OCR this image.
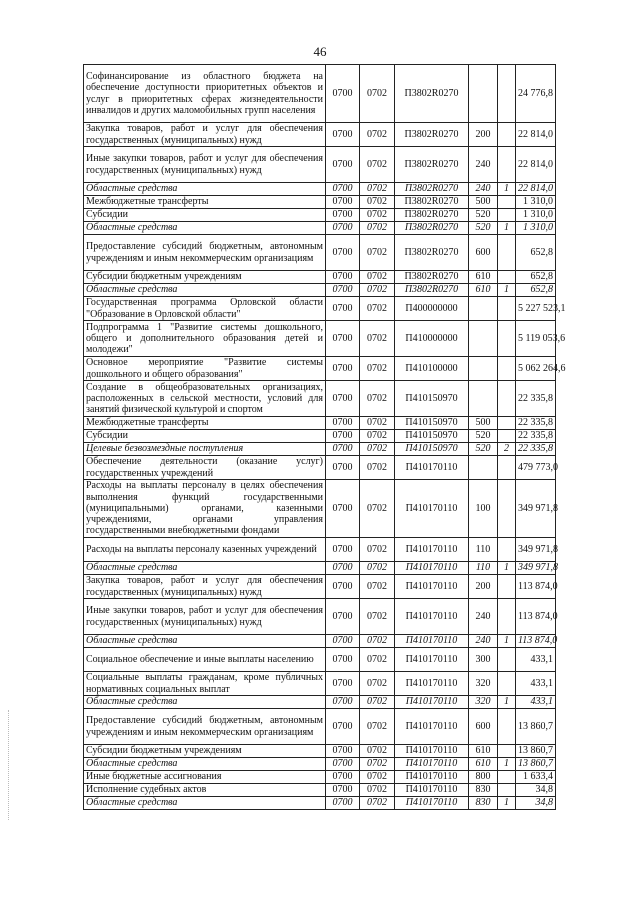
46
Софинансирование из областного бюджета на обеспечение доступности приоритетных объектов и услуг в приоритетных сферах жизнедеятельности инвалидов и других маломобильных групп населения	0700	0702	П3802R0270			24 776,8
Закупка товаров, работ и услуг для обеспечения государственных (муниципальных) нужд	0700	0702	П3802R0270	200		22 814,0
Иные закупки товаров, работ и услуг для обеспечения государственных (муниципальных) нужд	0700	0702	П3802R0270	240		22 814,0
Областные средства	0700	0702	П3802R0270	240	1	22 814,0
Межбюджетные трансферты	0700	0702	П3802R0270	500		1 310,0
Субсидии	0700	0702	П3802R0270	520		1 310,0
Областные средства	0700	0702	П3802R0270	520	1	1 310,0
Предоставление субсидий бюджетным, автономным учреждениям и иным некоммерческим организациям	0700	0702	П3802R0270	600		652,8
Субсидии бюджетным учреждениям	0700	0702	П3802R0270	610		652,8
Областные средства	0700	0702	П3802R0270	610	1	652,8
Государственная программа Орловской области "Образование в Орловской области"	0700	0702	П400000000			5 227 523,1
Подпрограмма 1 "Развитие системы дошкольного, общего и дополнительного образования детей и молодежи"	0700	0702	П410000000			5 119 053,6
Основное мероприятие "Развитие системы дошкольного и общего образования"	0700	0702	П410100000			5 062 264,6
Создание в общеобразовательных организациях, расположенных в сельской местности, условий для занятий физической культурой и спортом	0700	0702	П410150970			22 335,8
Межбюджетные трансферты	0700	0702	П410150970	500		22 335,8
Субсидии	0700	0702	П410150970	520		22 335,8
Целевые безвозмездные поступления	0700	0702	П410150970	520	2	22 335,8
Обеспечение деятельности (оказание услуг) государственных учреждений	0700	0702	П410170110			479 773,0
Расходы на выплаты персоналу в целях обеспечения выполнения функций государственными (муниципальными) органами, казенными учреждениями, органами управления государственными внебюджетными фондами	0700	0702	П410170110	100		349 971,8
Расходы на выплаты персоналу казенных учреждений	0700	0702	П410170110	110		349 971,8
Областные средства	0700	0702	П410170110	110	1	349 971,8
Закупка товаров, работ и услуг для обеспечения государственных (муниципальных) нужд	0700	0702	П410170110	200		113 874,0
Иные закупки товаров, работ и услуг для обеспечения государственных (муниципальных) нужд	0700	0702	П410170110	240		113 874,0
Областные средства	0700	0702	П410170110	240	1	113 874,0
Социальное обеспечение и иные выплаты населению	0700	0702	П410170110	300		433,1
Социальные выплаты гражданам, кроме публичных нормативных социальных выплат	0700	0702	П410170110	320		433,1
Областные средства	0700	0702	П410170110	320	1	433,1
Предоставление субсидий бюджетным, автономным учреждениям и иным некоммерческим организациям	0700	0702	П410170110	600		13 860,7
Субсидии бюджетным учреждениям	0700	0702	П410170110	610		13 860,7
Областные средства	0700	0702	П410170110	610	1	13 860,7
Иные бюджетные ассигнования	0700	0702	П410170110	800		1 633,4
Исполнение судебных актов	0700	0702	П410170110	830		34,8
Областные средства	0700	0702	П410170110	830	1	34,8
